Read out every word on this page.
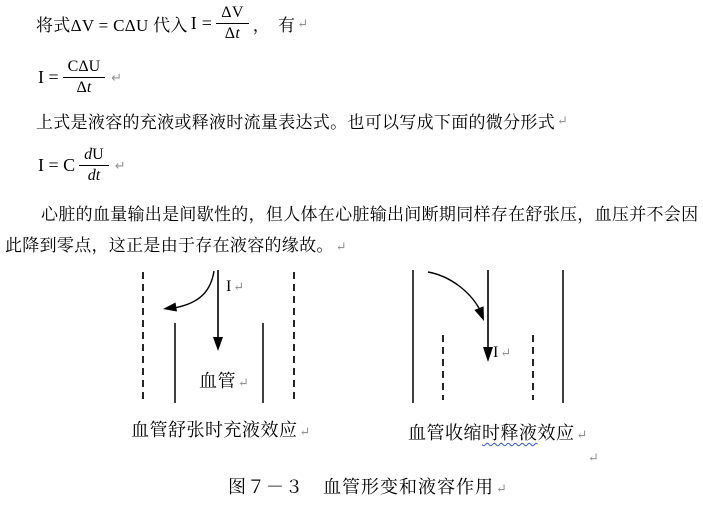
将式ΔV = CΔU 代入 $I = \frac{\Delta V}{\Delta t}$ ， 有 ↵
$I = \frac{\text{CΔU}}{\Delta t}$ ↵
上式是液容的充液或释液时流量表达式。也可以写成下面的微分形式 ↵
I = C $\frac{dU}{dt}$ ↵
心脏的血量输出是间歇性的，但人体在心脏输出间断期同样存在舒张压，血压并不会因
此降到零点，这正是由于存在液容的缘故。 ↵
I ↵
血管 ↵
血管舒张时充液效应 ↵
I ↵
血管收缩时释液效应 ↵
↵
图７－３　血管形变和液容作用 ↵
